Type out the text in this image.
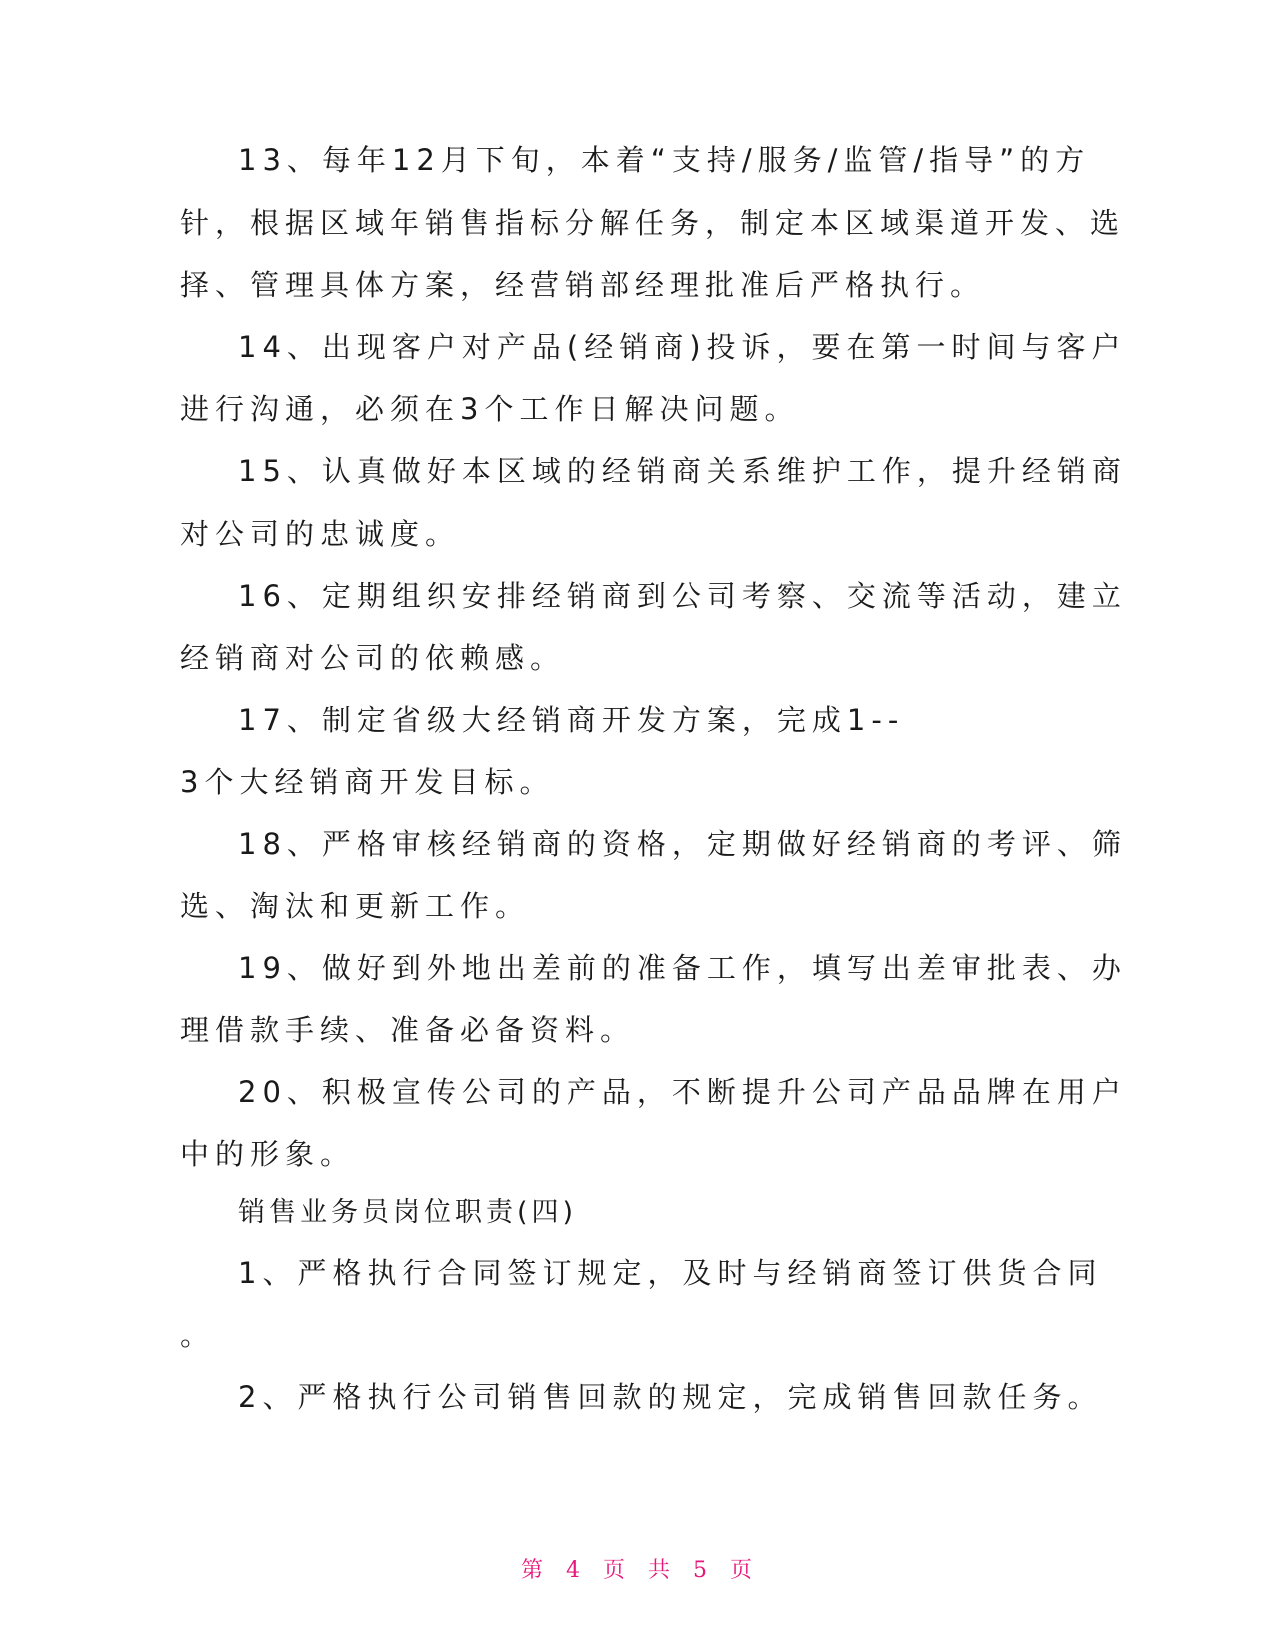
13、每年12月下旬，本着“支持/服务/监管/指导”的方
针，根据区域年销售指标分解任务，制定本区域渠道开发、选
择、管理具体方案，经营销部经理批准后严格执行。
14、出现客户对产品(经销商)投诉，要在第一时间与客户
进行沟通，必须在3个工作日解决问题。
15、认真做好本区域的经销商关系维护工作，提升经销商
对公司的忠诚度。
16、定期组织安排经销商到公司考察、交流等活动，建立
经销商对公司的依赖感。
17、制定省级大经销商开发方案，完成1--
3个大经销商开发目标。
18、严格审核经销商的资格，定期做好经销商的考评、筛
选、淘汰和更新工作。
19、做好到外地出差前的准备工作，填写出差审批表、办
理借款手续、准备必备资料。
20、积极宣传公司的产品，不断提升公司产品品牌在用户
中的形象。
销售业务员岗位职责(四)
1、严格执行合同签订规定，及时与经销商签订供货合同
。
2、严格执行公司销售回款的规定，完成销售回款任务。
第 4 页 共 5 页
